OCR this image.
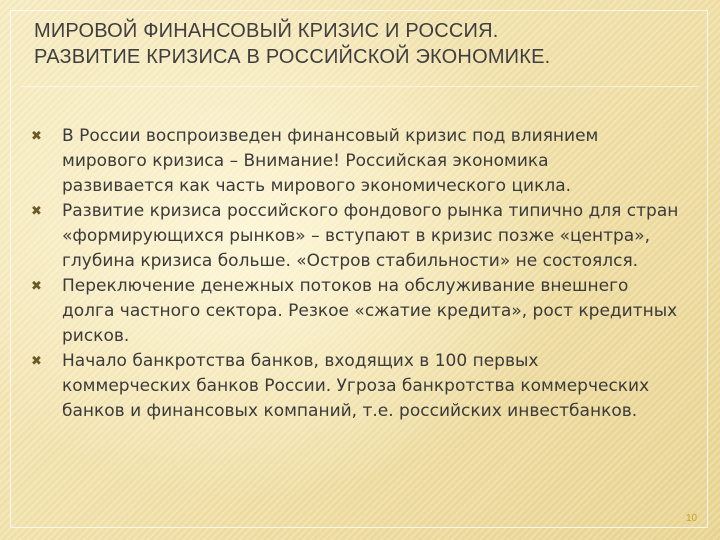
МИРОВОЙ ФИНАНСОВЫЙ КРИЗИС И РОССИЯ.
РАЗВИТИЕ КРИЗИСА В РОССИЙСКОЙ ЭКОНОМИКЕ.
✖ В России воспроизведен финансовый кризис под влиянием
мирового кризиса – Внимание! Российская экономика
развивается как часть мирового экономического цикла.
✖ Развитие кризиса российского фондового рынка типично для стран
«формирующихся рынков» – вступают в кризис позже «центра»,
глубина кризиса больше. «Остров стабильности» не состоялся.
✖ Переключение денежных потоков на обслуживание внешнего
долга частного сектора. Резкое «сжатие кредита», рост кредитных
рисков.
✖ Начало банкротства банков, входящих в 100 первых
коммерческих банков России. Угроза банкротства коммерческих
банков и финансовых компаний, т.е. российских инвестбанков.
10
